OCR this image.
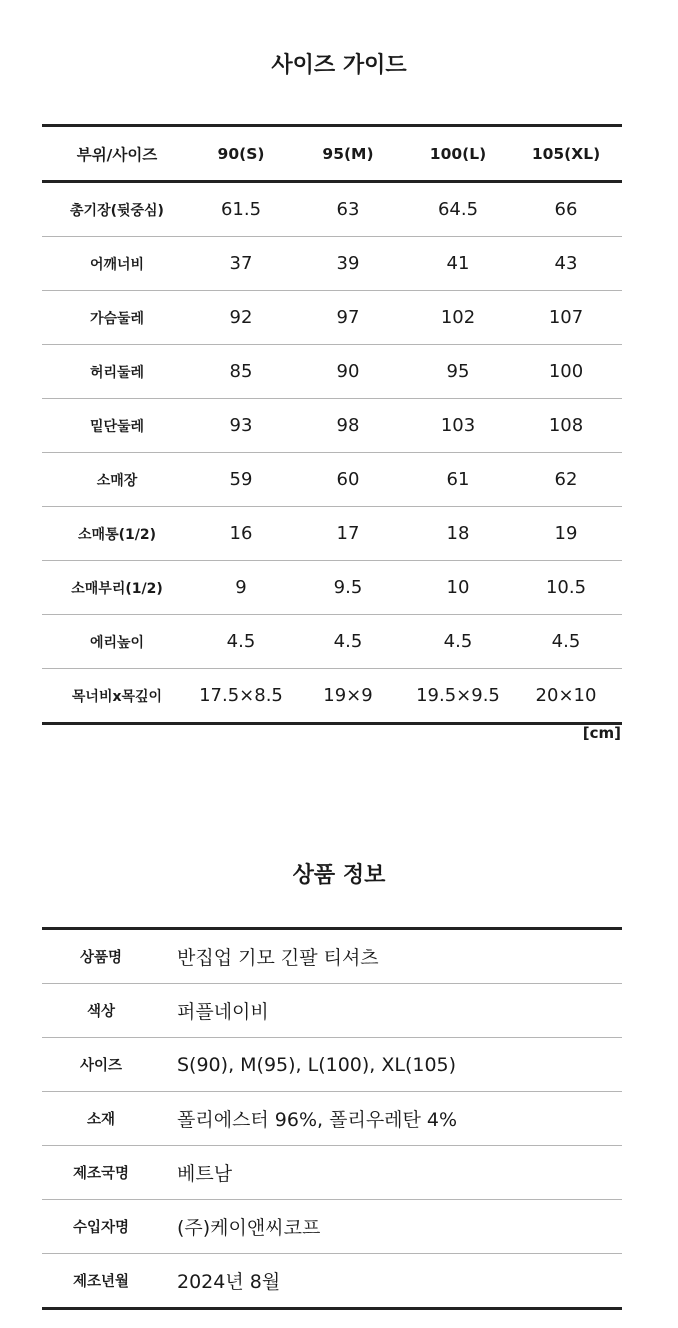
사이즈 가이드
부위/사이즈	90(S)	95(M)	100(L)	105(XL)
총기장(뒷중심)	61.5	63	64.5	66
어깨너비	37	39	41	43
가슴둘레	92	97	102	107
허리둘레	85	90	95	100
밑단둘레	93	98	103	108
소매장	59	60	61	62
소매통(1/2)	16	17	18	19
소매부리(1/2)	9	9.5	10	10.5
에리높이	4.5	4.5	4.5	4.5
목너비x목깊이	17.5×8.5	19×9	19.5×9.5	20×10
[cm]
상품 정보
상품명	반집업 기모 긴팔 티셔츠
색상	퍼플네이비
사이즈	S(90), M(95), L(100), XL(105)
소재	폴리에스터 96%, 폴리우레탄 4%
제조국명	베트남
수입자명	(주)케이앤씨코프
제조년월	2024년 8월
